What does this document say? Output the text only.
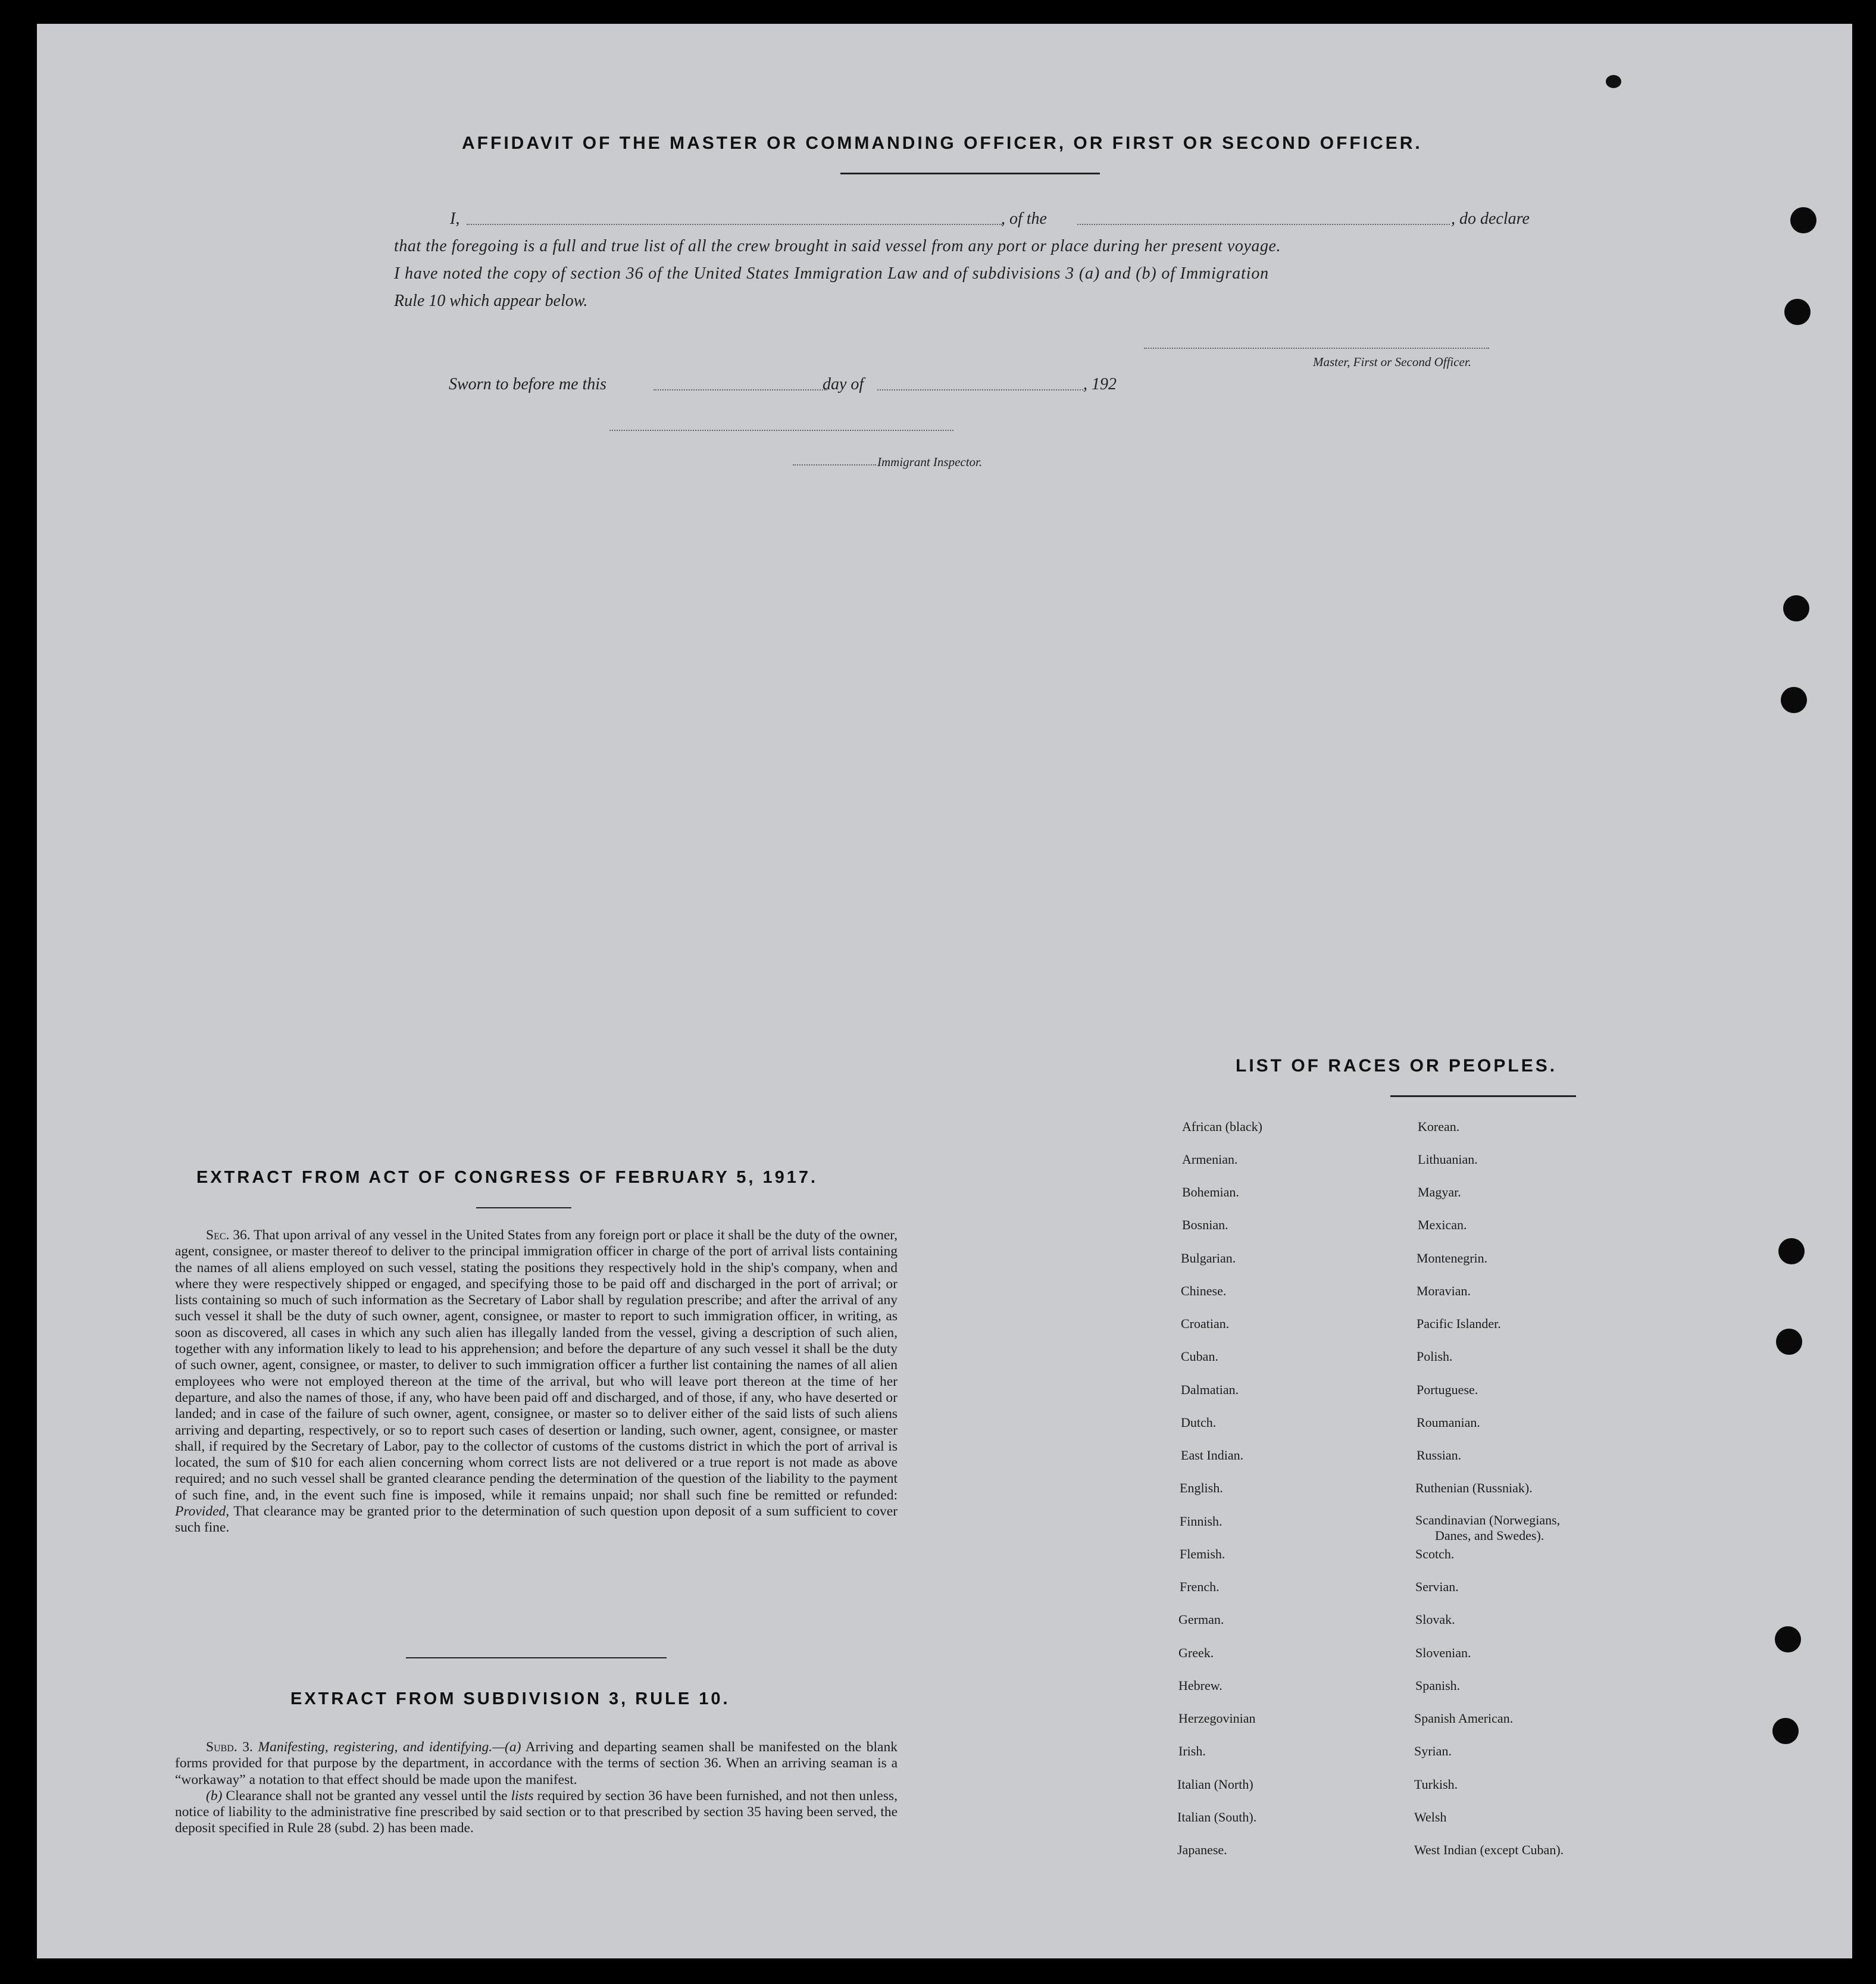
AFFIDAVIT OF THE MASTER OR COMMANDING OFFICER, OR FIRST OR SECOND OFFICER.
I,	, of the	, do declare
that the foregoing is a full and true list of all the crew brought in said vessel from any port or place during her present voyage.
I have noted the copy of section 36 of the United States Immigration Law and of subdivisions 3 (a) and (b) of Immigration
Rule 10 which appear below.
Master, First or Second Officer.
Sworn to before me this	day of	, 192
Immigrant Inspector.
LIST OF RACES OR PEOPLES.
African (black)
Armenian.
Bohemian.
Bosnian.
Bulgarian.
Chinese.
Croatian.
Cuban.
Dalmatian.
Dutch.
East Indian.
English.
Finnish.
Flemish.
French.
German.
Greek.
Hebrew.
Herzegovinian
Irish.
Italian (North)
Italian (South).
Japanese.
Korean.
Lithuanian.
Magyar.
Mexican.
Montenegrin.
Moravian.
Pacific Islander.
Polish.
Portuguese.
Roumanian.
Russian.
Ruthenian (Russniak).
Scandinavian (Norwegians,
Danes, and Swedes).
Scotch.
Servian.
Slovak.
Slovenian.
Spanish.
Spanish American.
Syrian.
Turkish.
Welsh
West Indian (except Cuban).
EXTRACT FROM ACT OF CONGRESS OF FEBRUARY 5, 1917.

Sec. 36. That upon arrival of any vessel in the United States from any foreign port or place it shall be the duty of the owner, agent, consignee, or master thereof to deliver to the principal immigration officer in charge of the port of arrival lists containing the names of all aliens employed on such vessel, stating the positions they respectively hold in the ship's company, when and where they were respectively shipped or engaged, and specifying those to be paid off and discharged in the port of arrival; or lists containing so much of such information as the Secretary of Labor shall by regulation prescribe; and after the arrival of any such vessel it shall be the duty of such owner, agent, consignee, or master to report to such immigration officer, in writing, as soon as discovered, all cases in which any such alien has illegally landed from the vessel, giving a description of such alien, together with any information likely to lead to his apprehension; and before the departure of any such vessel it shall be the duty of such owner, agent, consignee, or master, to deliver to such immigration officer a further list containing the names of all alien employees who were not employed thereon at the time of the arrival, but who will leave port thereon at the time of her departure, and also the names of those, if any, who have been paid off and discharged, and of those, if any, who have deserted or landed; and in case of the failure of such owner, agent, consignee, or master so to deliver either of the said lists of such aliens arriving and departing, respectively, or so to report such cases of desertion or landing, such owner, agent, consignee, or master shall, if required by the Secretary of Labor, pay to the collector of customs of the customs district in which the port of arrival is located, the sum of $10 for each alien concerning whom correct lists are not delivered or a true report is not made as above required; and no such vessel shall be granted clearance pending the determination of the question of the liability to the payment of such fine, and, in the event such fine is imposed, while it remains unpaid; nor shall such fine be remitted or refunded: Provided, That clearance may be granted prior to the determination of such question upon deposit of a sum sufficient to cover such fine.

EXTRACT FROM SUBDIVISION 3, RULE 10.

Subd. 3. Manifesting, registering, and identifying.—(a) Arriving and departing seamen shall be manifested on the blank forms provided for that purpose by the department, in accordance with the terms of section 36. When an arriving seaman is a “workaway” a notation to that effect should be made upon the manifest.

(b) Clearance shall not be granted any vessel until the lists required by section 36 have been furnished, and not then unless, notice of liability to the administrative fine prescribed by said section or to that prescribed by section 35 having been served, the deposit specified in Rule 28 (subd. 2) has been made.
